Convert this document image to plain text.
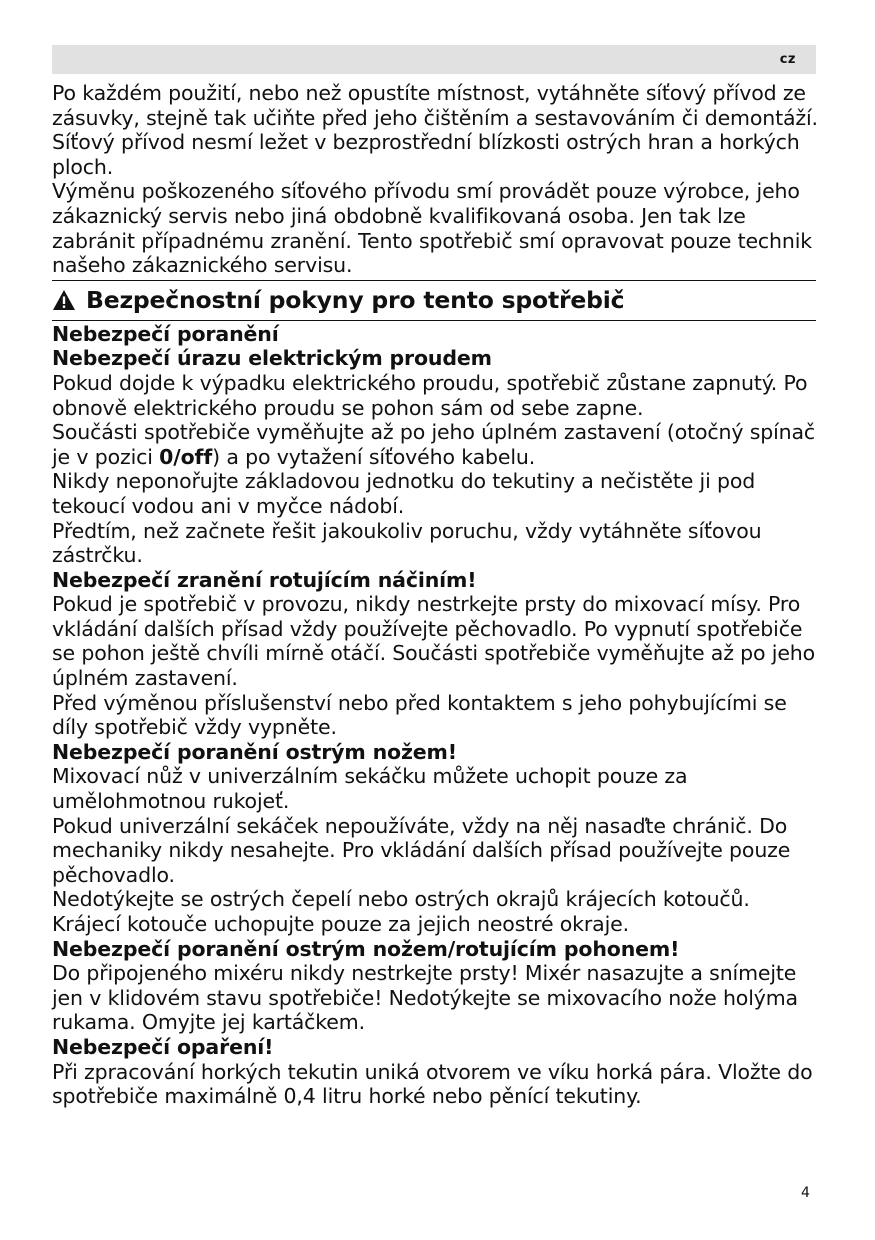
cz

Po každém použití, nebo než opustíte místnost, vytáhněte síťový přívod ze zásuvky, stejně tak učiňte před jeho čištěním a sestavováním či demontáží.

Síťový přívod nesmí ležet v bezprostřední blízkosti ostrých hran a horkých ploch.

Výměnu poškozeného síťového přívodu smí provádět pouze výrobce, jeho zákaznický servis nebo jiná obdobně kvalifikovaná osoba. Jen tak lze zabránit případnému zranění. Tento spotřebič smí opravovat pouze technik našeho zákaznického servisu.

Bezpečnostní pokyny pro tento spotřebič

Nebezpečí poranění

Nebezpečí úrazu elektrickým proudem

Pokud dojde k výpadku elektrického proudu, spotřebič zůstane zapnutý. Po obnově elektrického proudu se pohon sám od sebe zapne.

Součásti spotřebiče vyměňujte až po jeho úplném zastavení (otočný spínač je v pozici 0/off) a po vytažení síťového kabelu.

Nikdy neponořujte základovou jednotku do tekutiny a nečistěte ji pod tekoucí vodou ani v myčce nádobí.

Předtím, než začnete řešit jakoukoliv poruchu, vždy vytáhněte síťovou zástrčku.

Nebezpečí zranění rotujícím náčiním!

Pokud je spotřebič v provozu, nikdy nestrkejte prsty do mixovací mísy. Pro vkládání dalších přísad vždy používejte pěchovadlo. Po vypnutí spotřebiče se pohon ještě chvíli mírně otáčí. Součásti spotřebiče vyměňujte až po jeho úplném zastavení.

Před výměnou příslušenství nebo před kontaktem s jeho pohybujícími se díly spotřebič vždy vypněte.

Nebezpečí poranění ostrým nožem!

Mixovací nůž v univerzálním sekáčku můžete uchopit pouze za umělohmotnou rukojeť.

Pokud univerzální sekáček nepoužíváte, vždy na něj nasaďte chránič. Do mechaniky nikdy nesahejte. Pro vkládání dalších přísad používejte pouze pěchovadlo.

Nedotýkejte se ostrých čepelí nebo ostrých okrajů krájecích kotoučů.

Krájecí kotouče uchopujte pouze za jejich neostré okraje.

Nebezpečí poranění ostrým nožem/rotujícím pohonem!

Do připojeného mixéru nikdy nestrkejte prsty! Mixér nasazujte a snímejte jen v klidovém stavu spotřebiče! Nedotýkejte se mixovacího nože holýma rukama. Omyjte jej kartáčkem.

Nebezpečí opaření!

Při zpracování horkých tekutin uniká otvorem ve víku horká pára. Vložte do spotřebiče maximálně 0,4 litru horké nebo pěnící tekutiny.

4
